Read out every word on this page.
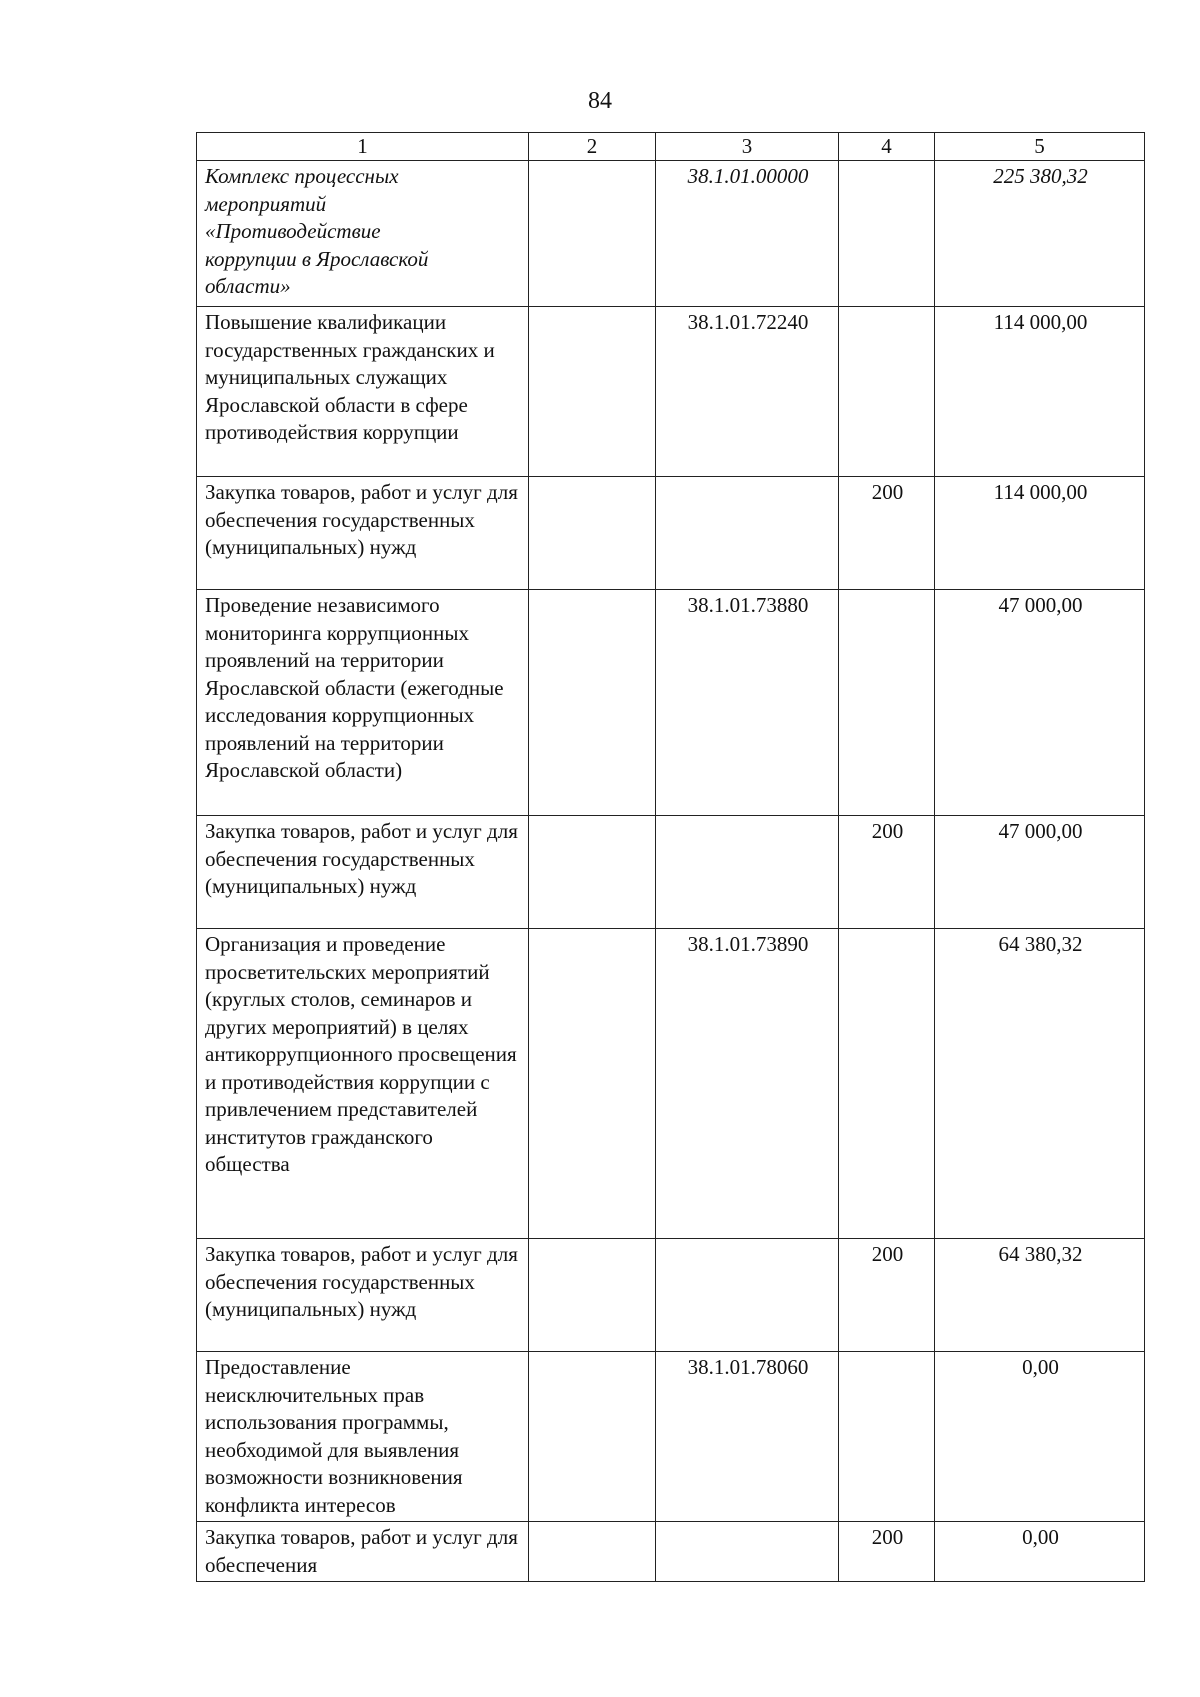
84
1	2	3	4	5
Комплекс процессных мероприятий «Противодействие коррупции в Ярославской области»		38.1.01.00000		225 380,32
Повышение квалификации государственных гражданских и муниципальных служащих Ярославской области в сфере противодействия коррупции		38.1.01.72240		114 000,00
Закупка товаров, работ и услуг для обеспечения государственных (муниципальных) нужд			200	114 000,00
Проведение независимого мониторинга коррупционных проявлений на территории Ярославской области (ежегодные исследования коррупционных проявлений на территории Ярославской области)		38.1.01.73880		47 000,00
Закупка товаров, работ и услуг для обеспечения государственных (муниципальных) нужд			200	47 000,00
Организация и проведение просветительских мероприятий (круглых столов, семинаров и других мероприятий) в целях антикоррупционного просвещения и противодействия коррупции с привлечением представителей институтов гражданского общества		38.1.01.73890		64 380,32
Закупка товаров, работ и услуг для обеспечения государственных (муниципальных) нужд			200	64 380,32
Предоставление неисключительных прав использования программы, необходимой для выявления возможности возникновения конфликта интересов		38.1.01.78060		0,00
Закупка товаров, работ и услуг для обеспечения			200	0,00
